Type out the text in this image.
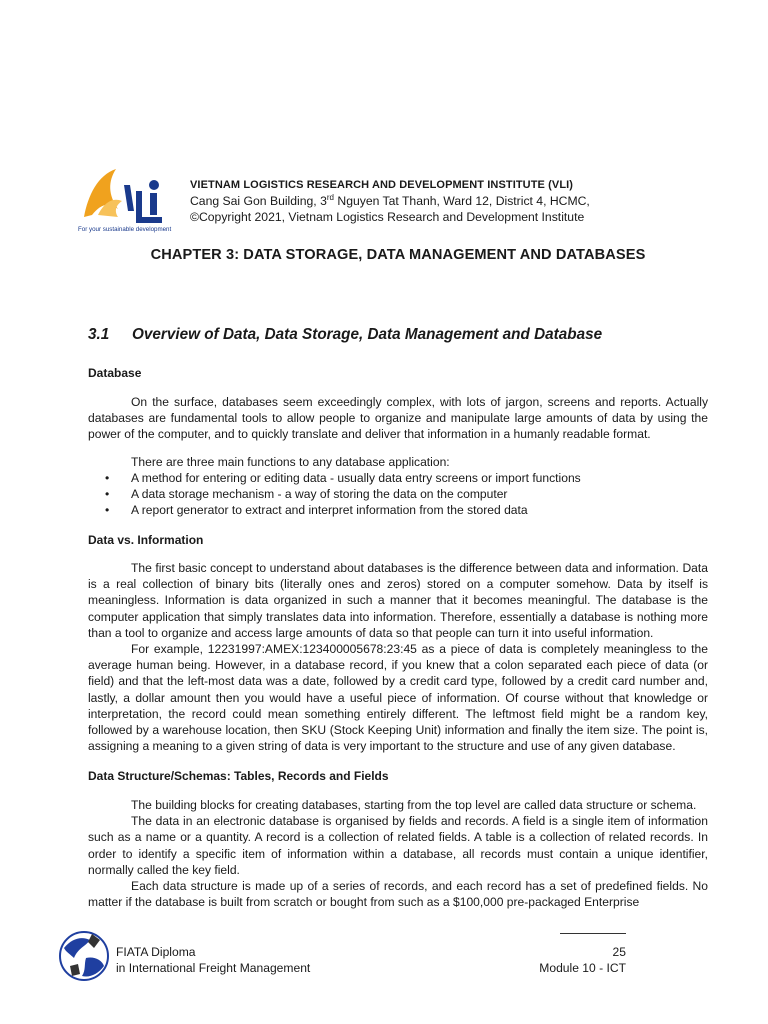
For your sustainable development
VIETNAM LOGISTICS RESEARCH AND DEVELOPMENT INSTITUTE (VLI)
Cang Sai Gon Building, 3rd Nguyen Tat Thanh, Ward 12, District 4, HCMC,
©Copyright 2021, Vietnam Logistics Research and Development Institute
CHAPTER 3: DATA STORAGE, DATA MANAGEMENT AND DATABASES
3.1 Overview of Data, Data Storage, Data Management and Database
Database

On the surface, databases seem exceedingly complex, with lots of jargon, screens and reports. Actually databases are fundamental tools to allow people to organize and manipulate large amounts of data by using the power of the computer, and to quickly translate and deliver that information in a humanly readable format.

There are three main functions to any database application:
• A method for entering or editing data - usually data entry screens or import functions
• A data storage mechanism - a way of storing the data on the computer
• A report generator to extract and interpret information from the stored data
Data vs. Information

The first basic concept to understand about databases is the difference between data and information. Data is a real collection of binary bits (literally ones and zeros) stored on a computer somehow. Data by itself is meaningless. Information is data organized in such a manner that it becomes meaningful. The database is the computer application that simply translates data into information. Therefore, essentially a database is nothing more than a tool to organize and access large amounts of data so that people can turn it into useful information.

For example, 12231997:AMEX:123400005678:23:45 as a piece of data is completely meaningless to the average human being. However, in a database record, if you knew that a colon separated each piece of data (or field) and that the left-most data was a date, followed by a credit card type, followed by a credit card number and, lastly, a dollar amount then you would have a useful piece of information. Of course without that knowledge or interpretation, the record could mean something entirely different. The leftmost field might be a random key, followed by a warehouse location, then SKU (Stock Keeping Unit) information and finally the item size. The point is, assigning a meaning to a given string of data is very important to the structure and use of any given database.

Data Structure/Schemas: Tables, Records and Fields

The building blocks for creating databases, starting from the top level are called data structure or schema.

The data in an electronic database is organised by fields and records. A field is a single item of information such as a name or a quantity. A record is a collection of related fields. A table is a collection of related records. In order to identify a specific item of information within a database, all records must contain a unique identifier, normally called the key field.

Each data structure is made up of a series of records, and each record has a set of predefined fields. No matter if the database is built from scratch or bought from such as a $100,000 pre-packaged Enterprise

FIATA Diploma
in International Freight Management
25
Module 10 - ICT
